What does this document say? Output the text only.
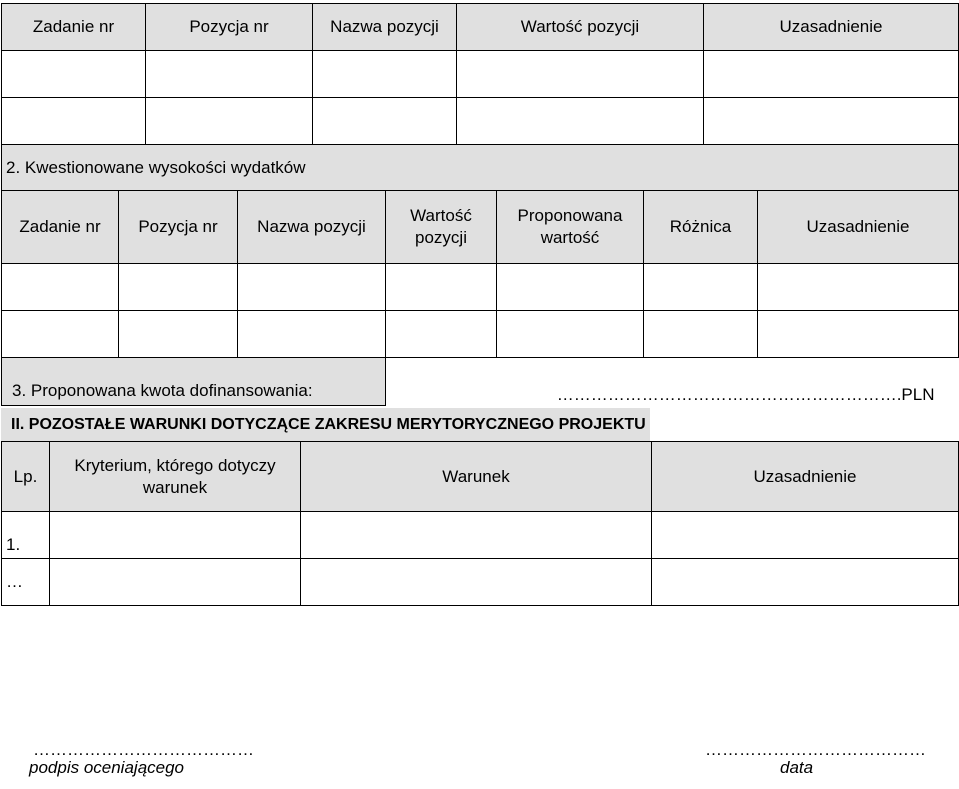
Zadanie nr	Pozycja nr	Nazwa pozycji	Wartość pozycji	Uzasadnienie

2. Kwestionowane wysokości wydatków				
Zadanie nr	Pozycja nr	Nazwa pozycji	Wartość pozycji	Proponowana wartość	Różnica	Uzasadnienie

3. Proponowana kwota dofinansowania:			…………………………………………………….PLN			
II. POZOSTAŁE WARUNKI DOTYCZĄCE ZAKRESU MERYTORYCZNEGO PROJEKTU
Lp.	Kryterium, którego dotyczy warunek	Warunek	Uzasadnienie
1.			
…			
…………………………………
podpis oceniającego
…………………………………
data
